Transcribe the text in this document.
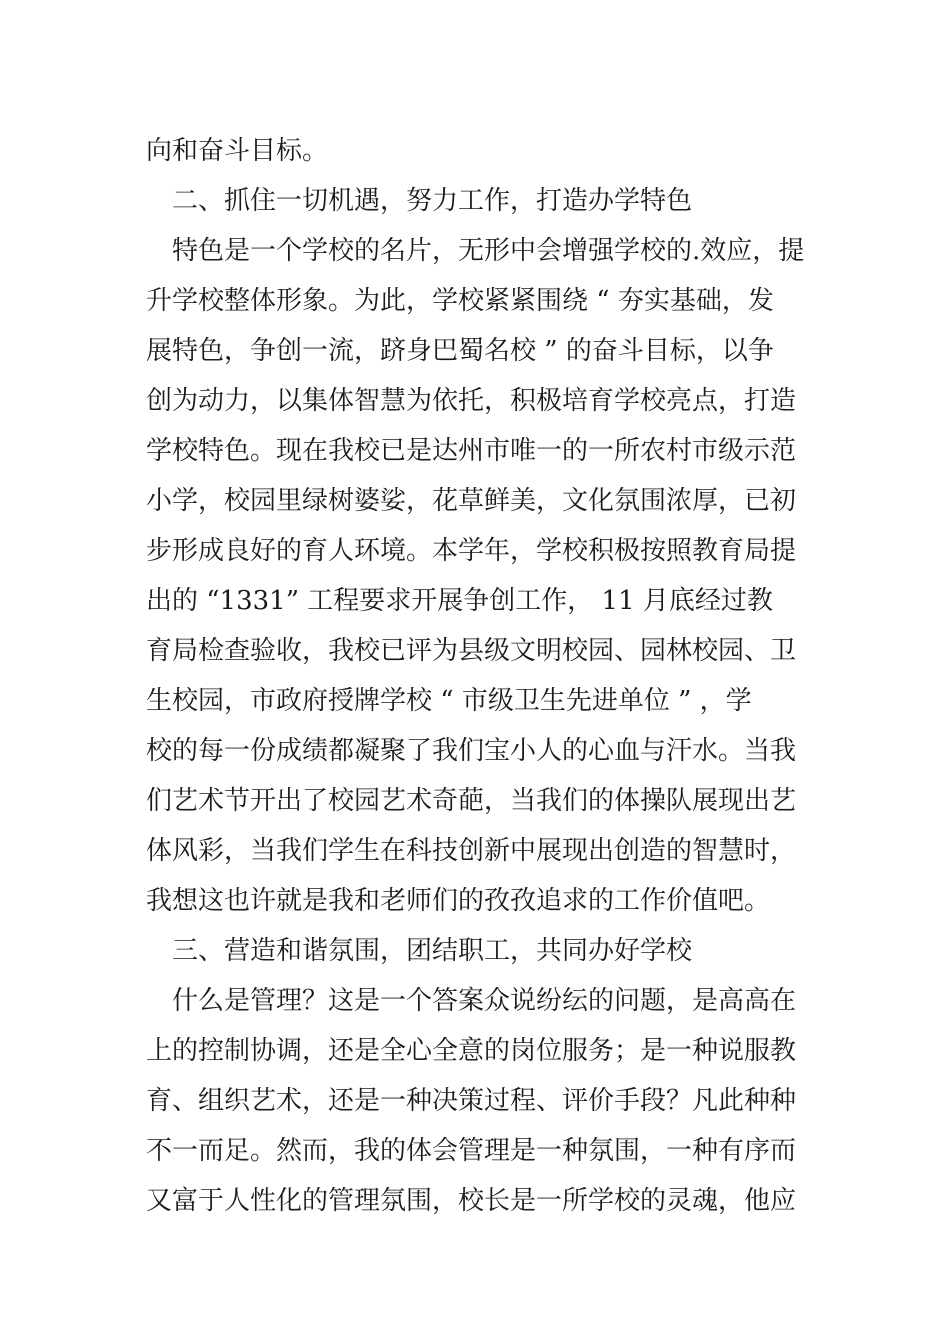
向和奋斗目标。
二、抓住一切机遇，努力工作，打造办学特色
特色是一个学校的名片，无形中会增强学校的.效应，提
升学校整体形象。为此，学校紧紧围绕 “ 夯实基础，发
展特色，争创一流，跻身巴蜀名校 ” 的奋斗目标，以争
创为动力，以集体智慧为依托，积极培育学校亮点，打造
学校特色。现在我校已是达州市唯一的一所农村市级示范
小学，校园里绿树婆娑，花草鲜美，文化氛围浓厚，已初
步形成良好的育人环境。本学年，学校积极按照教育局提
出的 “1331” 工程要求开展争创工作， 11 月底经过教
育局检查验收，我校已评为县级文明校园、园林校园、卫
生校园，市政府授牌学校 “ 市级卫生先进单位 ” ，学
校的每一份成绩都凝聚了我们宝小人的心血与汗水。当我
们艺术节开出了校园艺术奇葩，当我们的体操队展现出艺
体风彩，当我们学生在科技创新中展现出创造的智慧时，
我想这也许就是我和老师们的孜孜追求的工作价值吧。
三、营造和谐氛围，团结职工，共同办好学校
什么是管理？这是一个答案众说纷纭的问题，是高高在
上的控制协调，还是全心全意的岗位服务；是一种说服教
育、组织艺术，还是一种决策过程、评价手段？凡此种种
不一而足。然而，我的体会管理是一种氛围，一种有序而
又富于人性化的管理氛围，校长是一所学校的灵魂，他应
